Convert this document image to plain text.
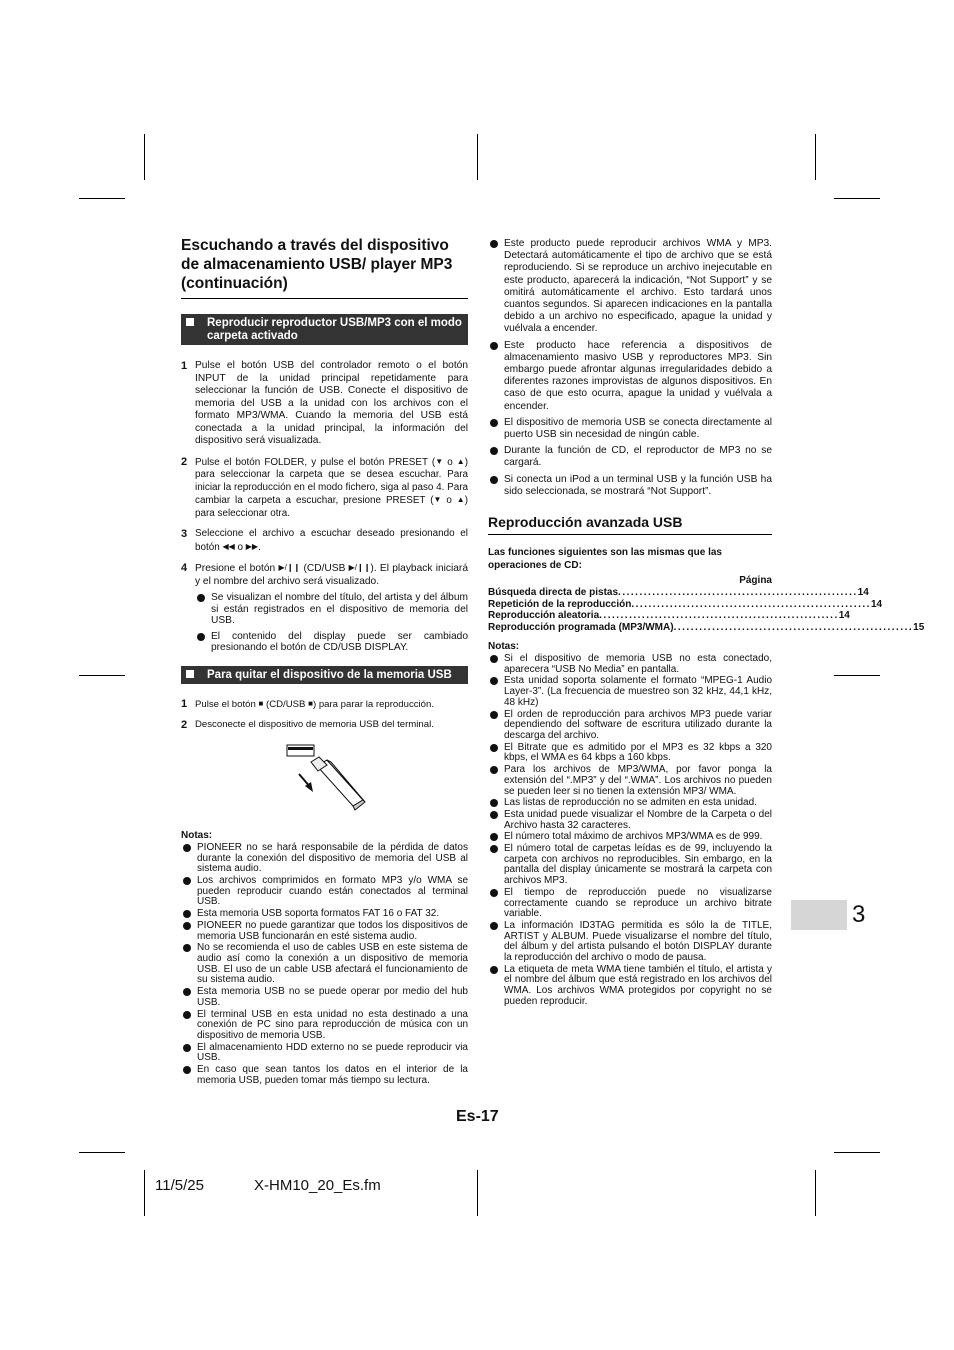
Escuchando a través del dispositivo de almacenamiento USB/ player MP3 (continuación)
Reproducir reproductor USB/MP3 con el modo carpeta activado
1 Pulse el botón USB del controlador remoto o el botón INPUT de la unidad principal repetidamente para seleccionar la función de USB. Conecte el dispositivo de memoria del USB a la unidad con los archivos con el formato MP3/WMA. Cuando la memoria del USB está conectada a la unidad principal, la información del dispositivo será visualizada.
2 Pulse el botón FOLDER, y pulse el botón PRESET (▼ o ▲) para seleccionar la carpeta que se desea escuchar. Para iniciar la reproducción en el modo fichero, siga al paso 4. Para cambiar la carpeta a escuchar, presione PRESET (▼ o ▲) para seleccionar otra.
3 Seleccione el archivo a escuchar deseado presionando el botón ◀◀ o ▶▶.
4 Presione el botón ▶/❙❙ (CD/USB ▶/❙❙). El playback iniciará y el nombre del archivo será visualizado.
Se visualizan el nombre del título, del artista y del álbum si están registrados en el dispositivo de memoria del USB.
El contenido del display puede ser cambiado presionando el botón de CD/USB DISPLAY.
Para quitar el dispositivo de la memoria USB
1 Pulse el botón ■ (CD/USB ■) para parar la reproducción.
2 Desconecte el dispositivo de memoria USB del terminal.
Notas:
PIONEER no se hará responsabile de la pérdida de datos durante la conexión del dispositivo de memoria del USB al sistema audio.
Los archivos comprimidos en formato MP3 y/o WMA se pueden reproducir cuando están conectados al terminal USB.
Esta memoria USB soporta formatos FAT 16 o FAT 32.
PIONEER no puede garantizar que todos los dispositivos de memoria USB funcionarán en esté sistema audio.
No se recomienda el uso de cables USB en este sistema de audio así como la conexión a un dispositivo de memoria USB. El uso de un cable USB afectará el funcionamiento de su sistema audio.
Esta memoria USB no se puede operar por medio del hub USB.
El terminal USB en esta unidad no esta destinado a una conexión de PC sino para reproducción de música con un dispositivo de memoria USB.
El almacenamiento HDD externo no se puede reproducir via USB.
En caso que sean tantos los datos en el interior de la memoria USB, pueden tomar más tiempo su lectura.
Este producto puede reproducir archivos WMA y MP3. Detectará automáticamente el tipo de archivo que se está reproduciendo. Si se reproduce un archivo inejecutable en este producto, aparecerá la indicación, “Not Support” y se omitirá automáticamente el archivo. Esto tardará unos cuantos segundos. Si aparecen indicaciones en la pantalla debido a un archivo no especificado, apague la unidad y vuélvala a encender.
Este producto hace referencia a dispositivos de almacenamiento masivo USB y reproductores MP3. Sin embargo puede afrontar algunas irregularidades debido a diferentes razones improvistas de algunos dispositivos. En caso de que esto ocurra, apague la unidad y vuélvala a encender.
El dispositivo de memoria USB se conecta directamente al puerto USB sin necesidad de ningún cable.
Durante la función de CD, el reproductor de MP3 no se cargará.
Si conecta un iPod a un terminal USB y la función USB ha sido seleccionada, se mostrará “Not Support”.
Reproducción avanzada USB
Las funciones siguientes son las mismas que las operaciones de CD:
Página
Búsqueda directa de pistas ........................................................ 14
Repetición de la reproducción ........................................................ 14
Reproducción aleatoria ........................................................ 14
Reproducción programada (MP3/WMA) ........................................................ 15
Notas:
Si el dispositivo de memoria USB no esta conectado, aparecera “USB No Media” en pantalla.
Esta unidad soporta solamente el formato “MPEG-1 Audio Layer-3”. (La frecuencia de muestreo son 32 kHz, 44,1 kHz, 48 kHz)
El orden de reproducción para archivos MP3 puede variar dependiendo del software de escritura utilizado durante la descarga del archivo.
El Bitrate que es admitido por el MP3 es 32 kbps a 320 kbps, el WMA es 64 kbps a 160 kbps.
Para los archivos de MP3/WMA, por favor ponga la extensión del “.MP3” y del “.WMA”. Los archivos no pueden se pueden leer si no tienen la extensión MP3/ WMA.
Las listas de reproducción no se admiten en esta unidad.
Esta unidad puede visualizar el Nombre de la Carpeta o del Archivo hasta 32 caracteres.
El número total máximo de archivos MP3/WMA es de 999.
El número total de carpetas leídas es de 99, incluyendo la carpeta con archivos no reproducibles. Sin embargo, en la pantalla del display únicamente se mostrará la carpeta con archivos MP3.
El tiempo de reproducción puede no visualizarse correctamente cuando se reproduce un archivo bitrate variable.
La información ID3TAG permitida es sólo la de TITLE, ARTIST y ALBUM. Puede visualizarse el nombre del título, del álbum y del artista pulsando el botón DISPLAY durante la reproducción del archivo o modo de pausa.
La etiqueta de meta WMA tiene también el título, el artista y el nombre del álbum que está registrado en los archivos del WMA. Los archivos WMA protegidos por copyright no se pueden reproducir.
3
Es-17
11/5/25	X-HM10_20_Es.fm
